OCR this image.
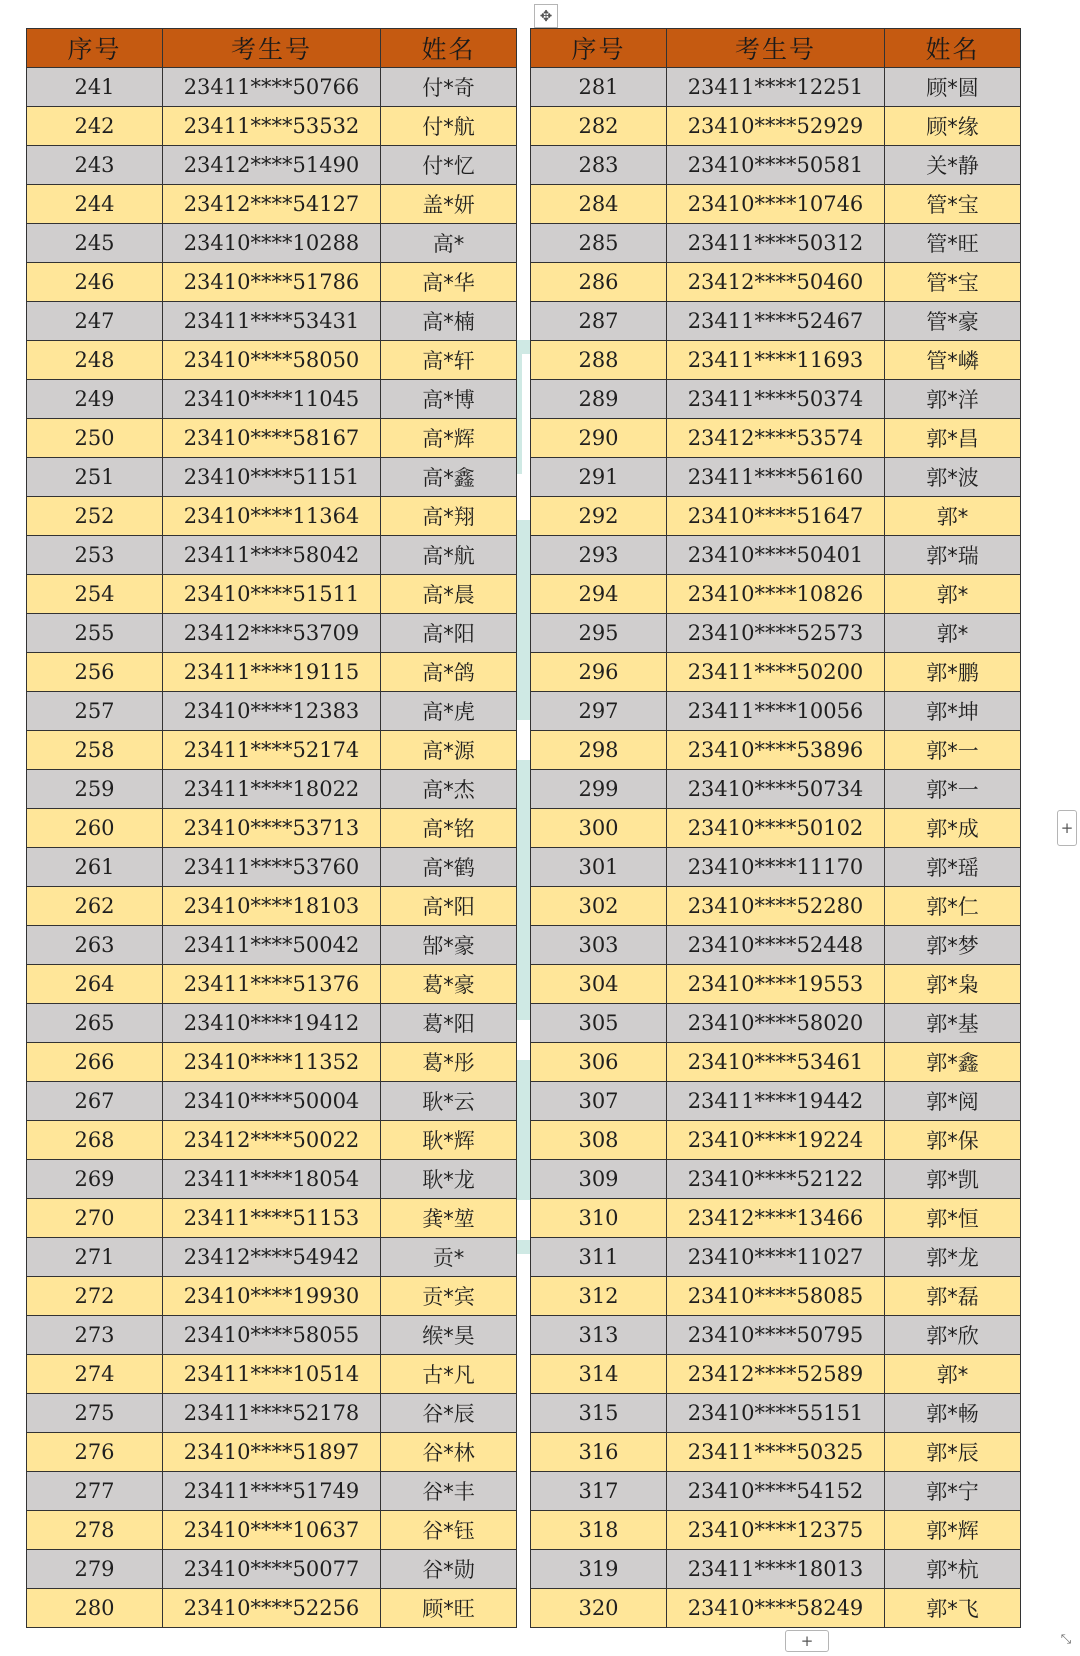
✥
序号	考生号	姓名
241	23411****50766	付*奇
242	23411****53532	付*航
243	23412****51490	付*忆
244	23412****54127	盖*妍
245	23410****10288	高*
246	23410****51786	高*华
247	23411****53431	高*楠
248	23410****58050	高*轩
249	23410****11045	高*博
250	23410****58167	高*辉
251	23410****51151	高*鑫
252	23410****11364	高*翔
253	23411****58042	高*航
254	23410****51511	高*晨
255	23412****53709	高*阳
256	23411****19115	高*鸽
257	23410****12383	高*虎
258	23411****52174	高*源
259	23411****18022	高*杰
260	23410****53713	高*铭
261	23411****53760	高*鹤
262	23410****18103	高*阳
263	23411****50042	郜*豪
264	23411****51376	葛*豪
265	23410****19412	葛*阳
266	23410****11352	葛*彤
267	23410****50004	耿*云
268	23412****50022	耿*辉
269	23411****18054	耿*龙
270	23411****51153	龚*堃
271	23412****54942	贡*
272	23410****19930	贡*宾
273	23410****58055	缑*昊
274	23411****10514	古*凡
275	23411****52178	谷*辰
276	23410****51897	谷*林
277	23411****51749	谷*丰
278	23410****10637	谷*钰
279	23410****50077	谷*勋
280	23410****52256	顾*旺
序号	考生号	姓名
281	23411****12251	顾*圆
282	23410****52929	顾*缘
283	23410****50581	关*静
284	23410****10746	管*宝
285	23411****50312	管*旺
286	23412****50460	管*宝
287	23411****52467	管*豪
288	23411****11693	管*嶙
289	23411****50374	郭*洋
290	23412****53574	郭*昌
291	23411****56160	郭*波
292	23410****51647	郭*
293	23410****50401	郭*瑞
294	23410****10826	郭*
295	23410****52573	郭*
296	23411****50200	郭*鹏
297	23411****10056	郭*坤
298	23410****53896	郭*一
299	23410****50734	郭*一
300	23410****50102	郭*成
301	23410****11170	郭*瑶
302	23410****52280	郭*仁
303	23410****52448	郭*梦
304	23410****19553	郭*枭
305	23410****58020	郭*基
306	23410****53461	郭*鑫
307	23411****19442	郭*阅
308	23410****19224	郭*保
309	23410****52122	郭*凯
310	23412****13466	郭*恒
311	23410****11027	郭*龙
312	23410****58085	郭*磊
313	23410****50795	郭*欣
314	23412****52589	郭*
315	23410****55151	郭*畅
316	23411****50325	郭*辰
317	23410****54152	郭*宁
318	23410****12375	郭*辉
319	23411****18013	郭*杭
320	23410****58249	郭*飞
+
+	⤡
